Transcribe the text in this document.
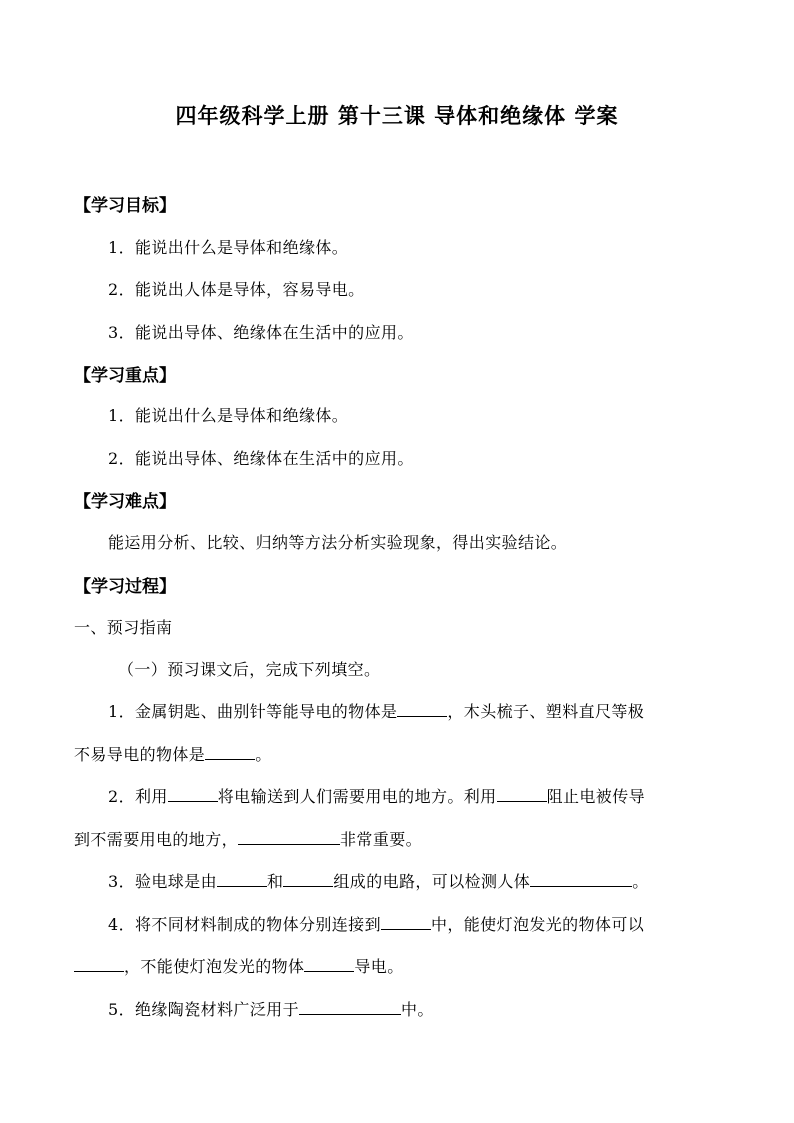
四年级科学上册 第十三课 导体和绝缘体 学案
【学习目标】
1．能说出什么是导体和绝缘体。
2．能说出人体是导体，容易导电。
3．能说出导体、绝缘体在生活中的应用。
【学习重点】
1．能说出什么是导体和绝缘体。
2．能说出导体、绝缘体在生活中的应用。
【学习难点】
能运用分析、比较、归纳等方法分析实验现象，得出实验结论。
【学习过程】
一、预习指南
（一）预习课文后，完成下列填空。
1．金属钥匙、曲别针等能导电的物体是	，木头梳子、塑料直尺等极
不易导电的物体是	。
2．利用	将电输送到人们需要用电的地方。利用	阻止电被传导
到不需要用电的地方，	非常重要。
3．验电球是由	和	组成的电路，可以检测人体	。
4．将不同材料制成的物体分别连接到	中，能使灯泡发光的物体可以
，不能使灯泡发光的物体	导电。
5．绝缘陶瓷材料广泛用于	中。
